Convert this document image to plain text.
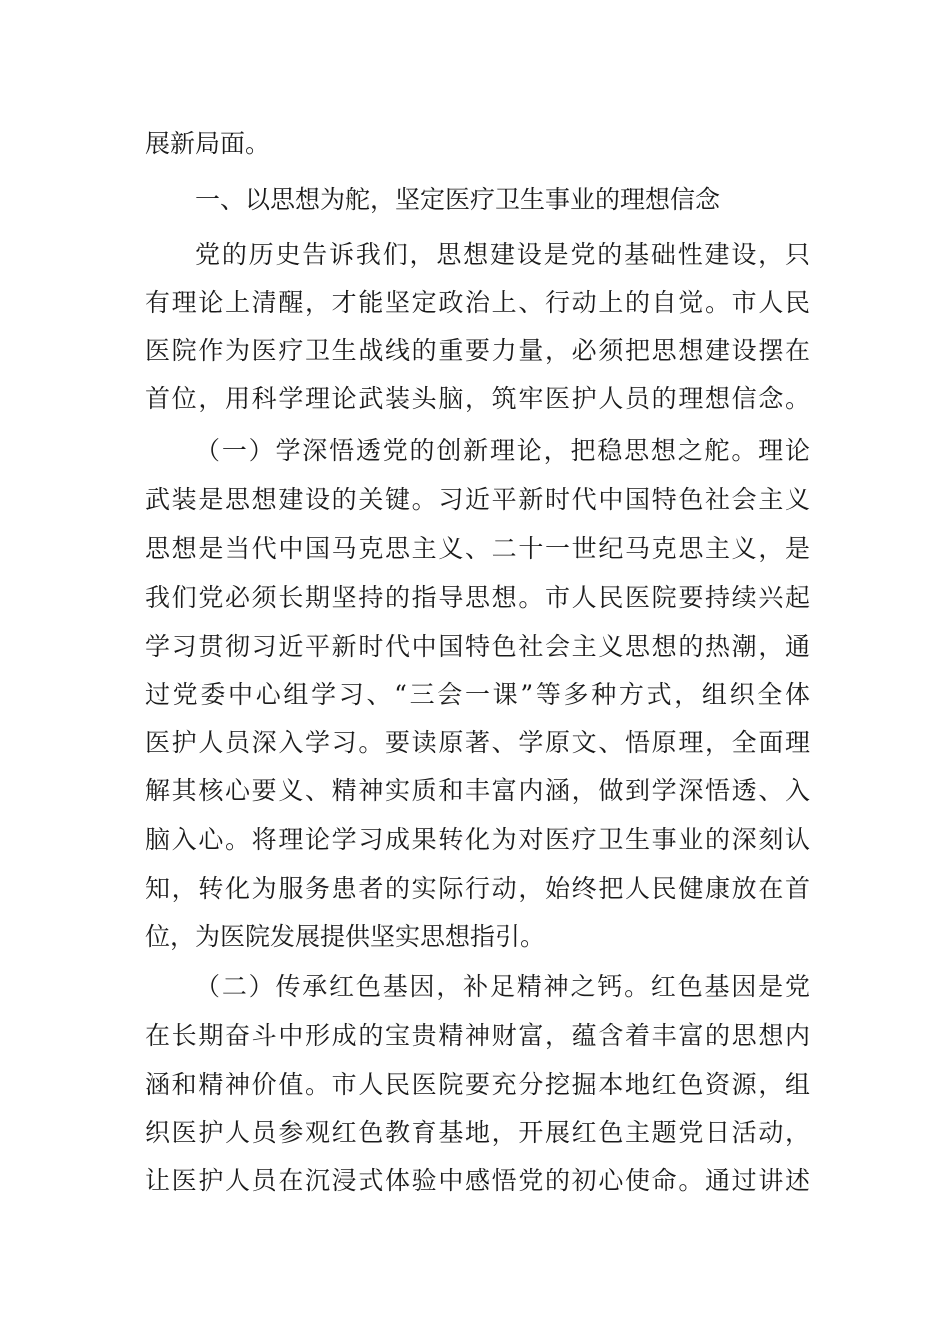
展新局面。
一、以思想为舵，坚定医疗卫生事业的理想信念
党的历史告诉我们，思想建设是党的基础性建设，只
有理论上清醒，才能坚定政治上、行动上的自觉。市人民
医院作为医疗卫生战线的重要力量，必须把思想建设摆在
首位，用科学理论武装头脑，筑牢医护人员的理想信念。
（一）学深悟透党的创新理论，把稳思想之舵。理论
武装是思想建设的关键。习近平新时代中国特色社会主义
思想是当代中国马克思主义、二十一世纪马克思主义，是
我们党必须长期坚持的指导思想。市人民医院要持续兴起
学习贯彻习近平新时代中国特色社会主义思想的热潮，通
过党委中心组学习、“三会一课”等多种方式，组织全体
医护人员深入学习。要读原著、学原文、悟原理，全面理
解其核心要义、精神实质和丰富内涵，做到学深悟透、入
脑入心。将理论学习成果转化为对医疗卫生事业的深刻认
知，转化为服务患者的实际行动，始终把人民健康放在首
位，为医院发展提供坚实思想指引。
（二）传承红色基因，补足精神之钙。红色基因是党
在长期奋斗中形成的宝贵精神财富，蕴含着丰富的思想内
涵和精神价值。市人民医院要充分挖掘本地红色资源，组
织医护人员参观红色教育基地，开展红色主题党日活动，
让医护人员在沉浸式体验中感悟党的初心使命。通过讲述
